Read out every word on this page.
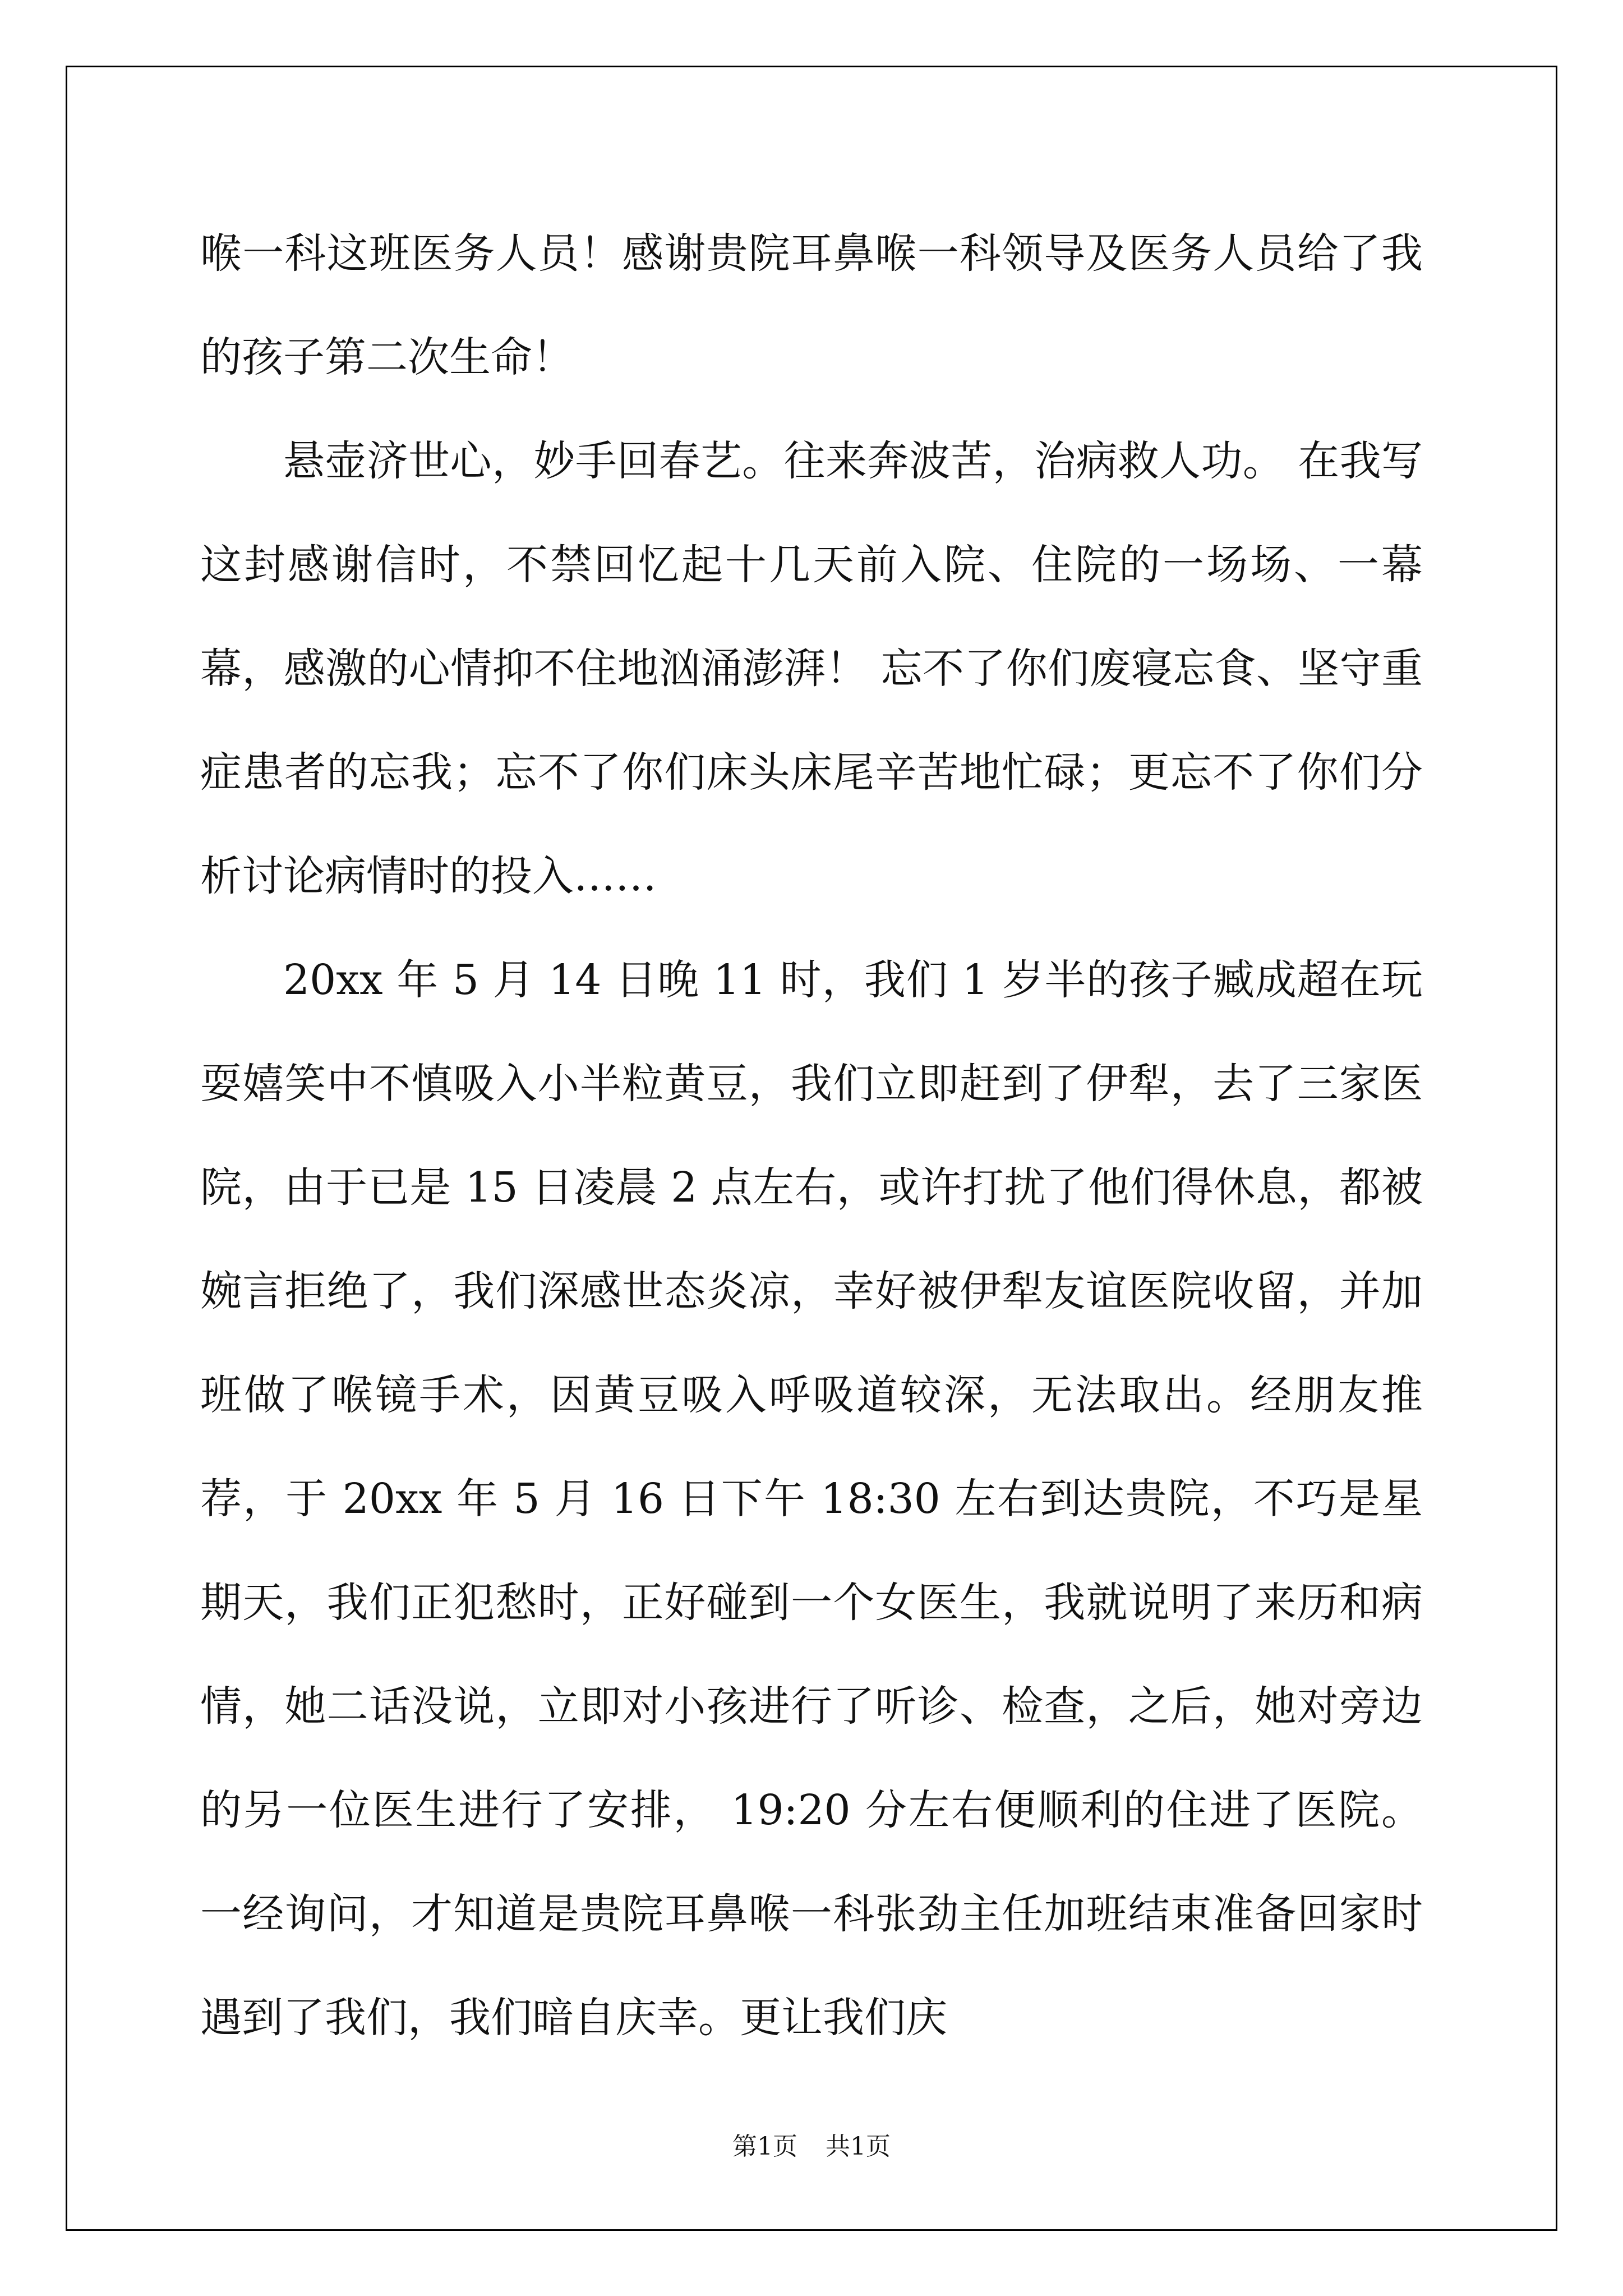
喉一科这班医务人员！感谢贵院耳鼻喉一科领导及医务人员给了我的孩子第二次生命！

悬壶济世心，妙手回春艺。往来奔波苦，治病救人功。 在我写这封感谢信时，不禁回忆起十几天前入院、住院的一场场、一幕幕，感激的心情抑不住地汹涌澎湃！ 忘不了你们废寝忘食、坚守重症患者的忘我；忘不了你们床头床尾辛苦地忙碌；更忘不了你们分析讨论病情时的投入……

20xx 年 5 月 14 日晚 11 时，我们 1 岁半的孩子臧成超在玩耍嬉笑中不慎吸入小半粒黄豆，我们立即赶到了伊犁，去了三家医院，由于已是 15 日凌晨 2 点左右，或许打扰了他们得休息，都被婉言拒绝了，我们深感世态炎凉，幸好被伊犁友谊医院收留，并加班做了喉镜手术，因黄豆吸入呼吸道较深，无法取出。经朋友推荐，于 20xx 年 5 月 16 日下午 18:30 左右到达贵院，不巧是星期天，我们正犯愁时，正好碰到一个女医生，我就说明了来历和病情，她二话没说，立即对小孩进行了听诊、检查，之后，她对旁边的另一位医生进行了安排， 19:20 分左右便顺利的住进了医院。一经询问，才知道是贵院耳鼻喉一科张劲主任加班结束准备回家时遇到了我们，我们暗自庆幸。更让我们庆

第1页 共1页
